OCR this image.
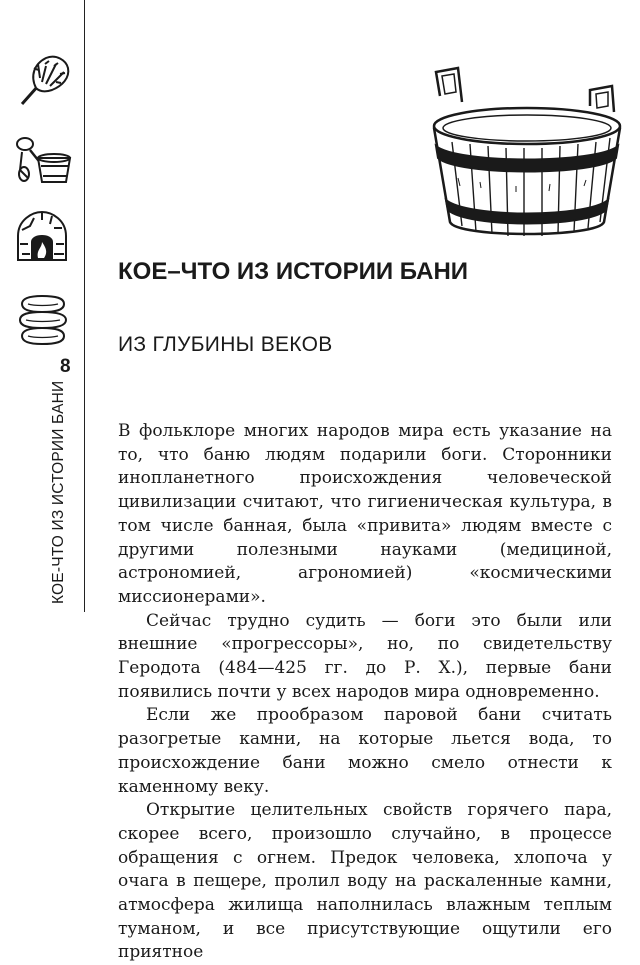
8
КОЕ-ЧТО ИЗ ИСТОРИИ БАНИ
КОЕ–ЧТО ИЗ ИСТОРИИ БАНИ
ИЗ ГЛУБИНЫ ВЕКОВ

В фольклоре многих народов мира есть указание на то, что баню людям подарили боги. Сторонники инопланетного происхождения человеческой цивилизации считают, что гигиеническая культура, в том числе банная, была «привита» людям вместе с другими полезными науками (медициной, астрономией, агрономией) «космическими миссионерами».

Сейчас трудно судить — боги это были или внешние «прогрессоры», но, по свидетельству Геродота (484—425 гг. до Р. Х.), первые бани появились почти у всех народов мира одновременно.

Если же прообразом паровой бани считать разогретые камни, на которые льется вода, то происхождение бани можно смело отнести к каменному веку.

Открытие целительных свойств горячего пара, скорее всего, произошло случайно, в процессе обращения с огнем. Предок человека, хлопоча у очага в пещере, пролил воду на раскаленные камни, атмосфера жилища наполнилась влажным теплым туманом, и все присутствующие ощутили его приятное
